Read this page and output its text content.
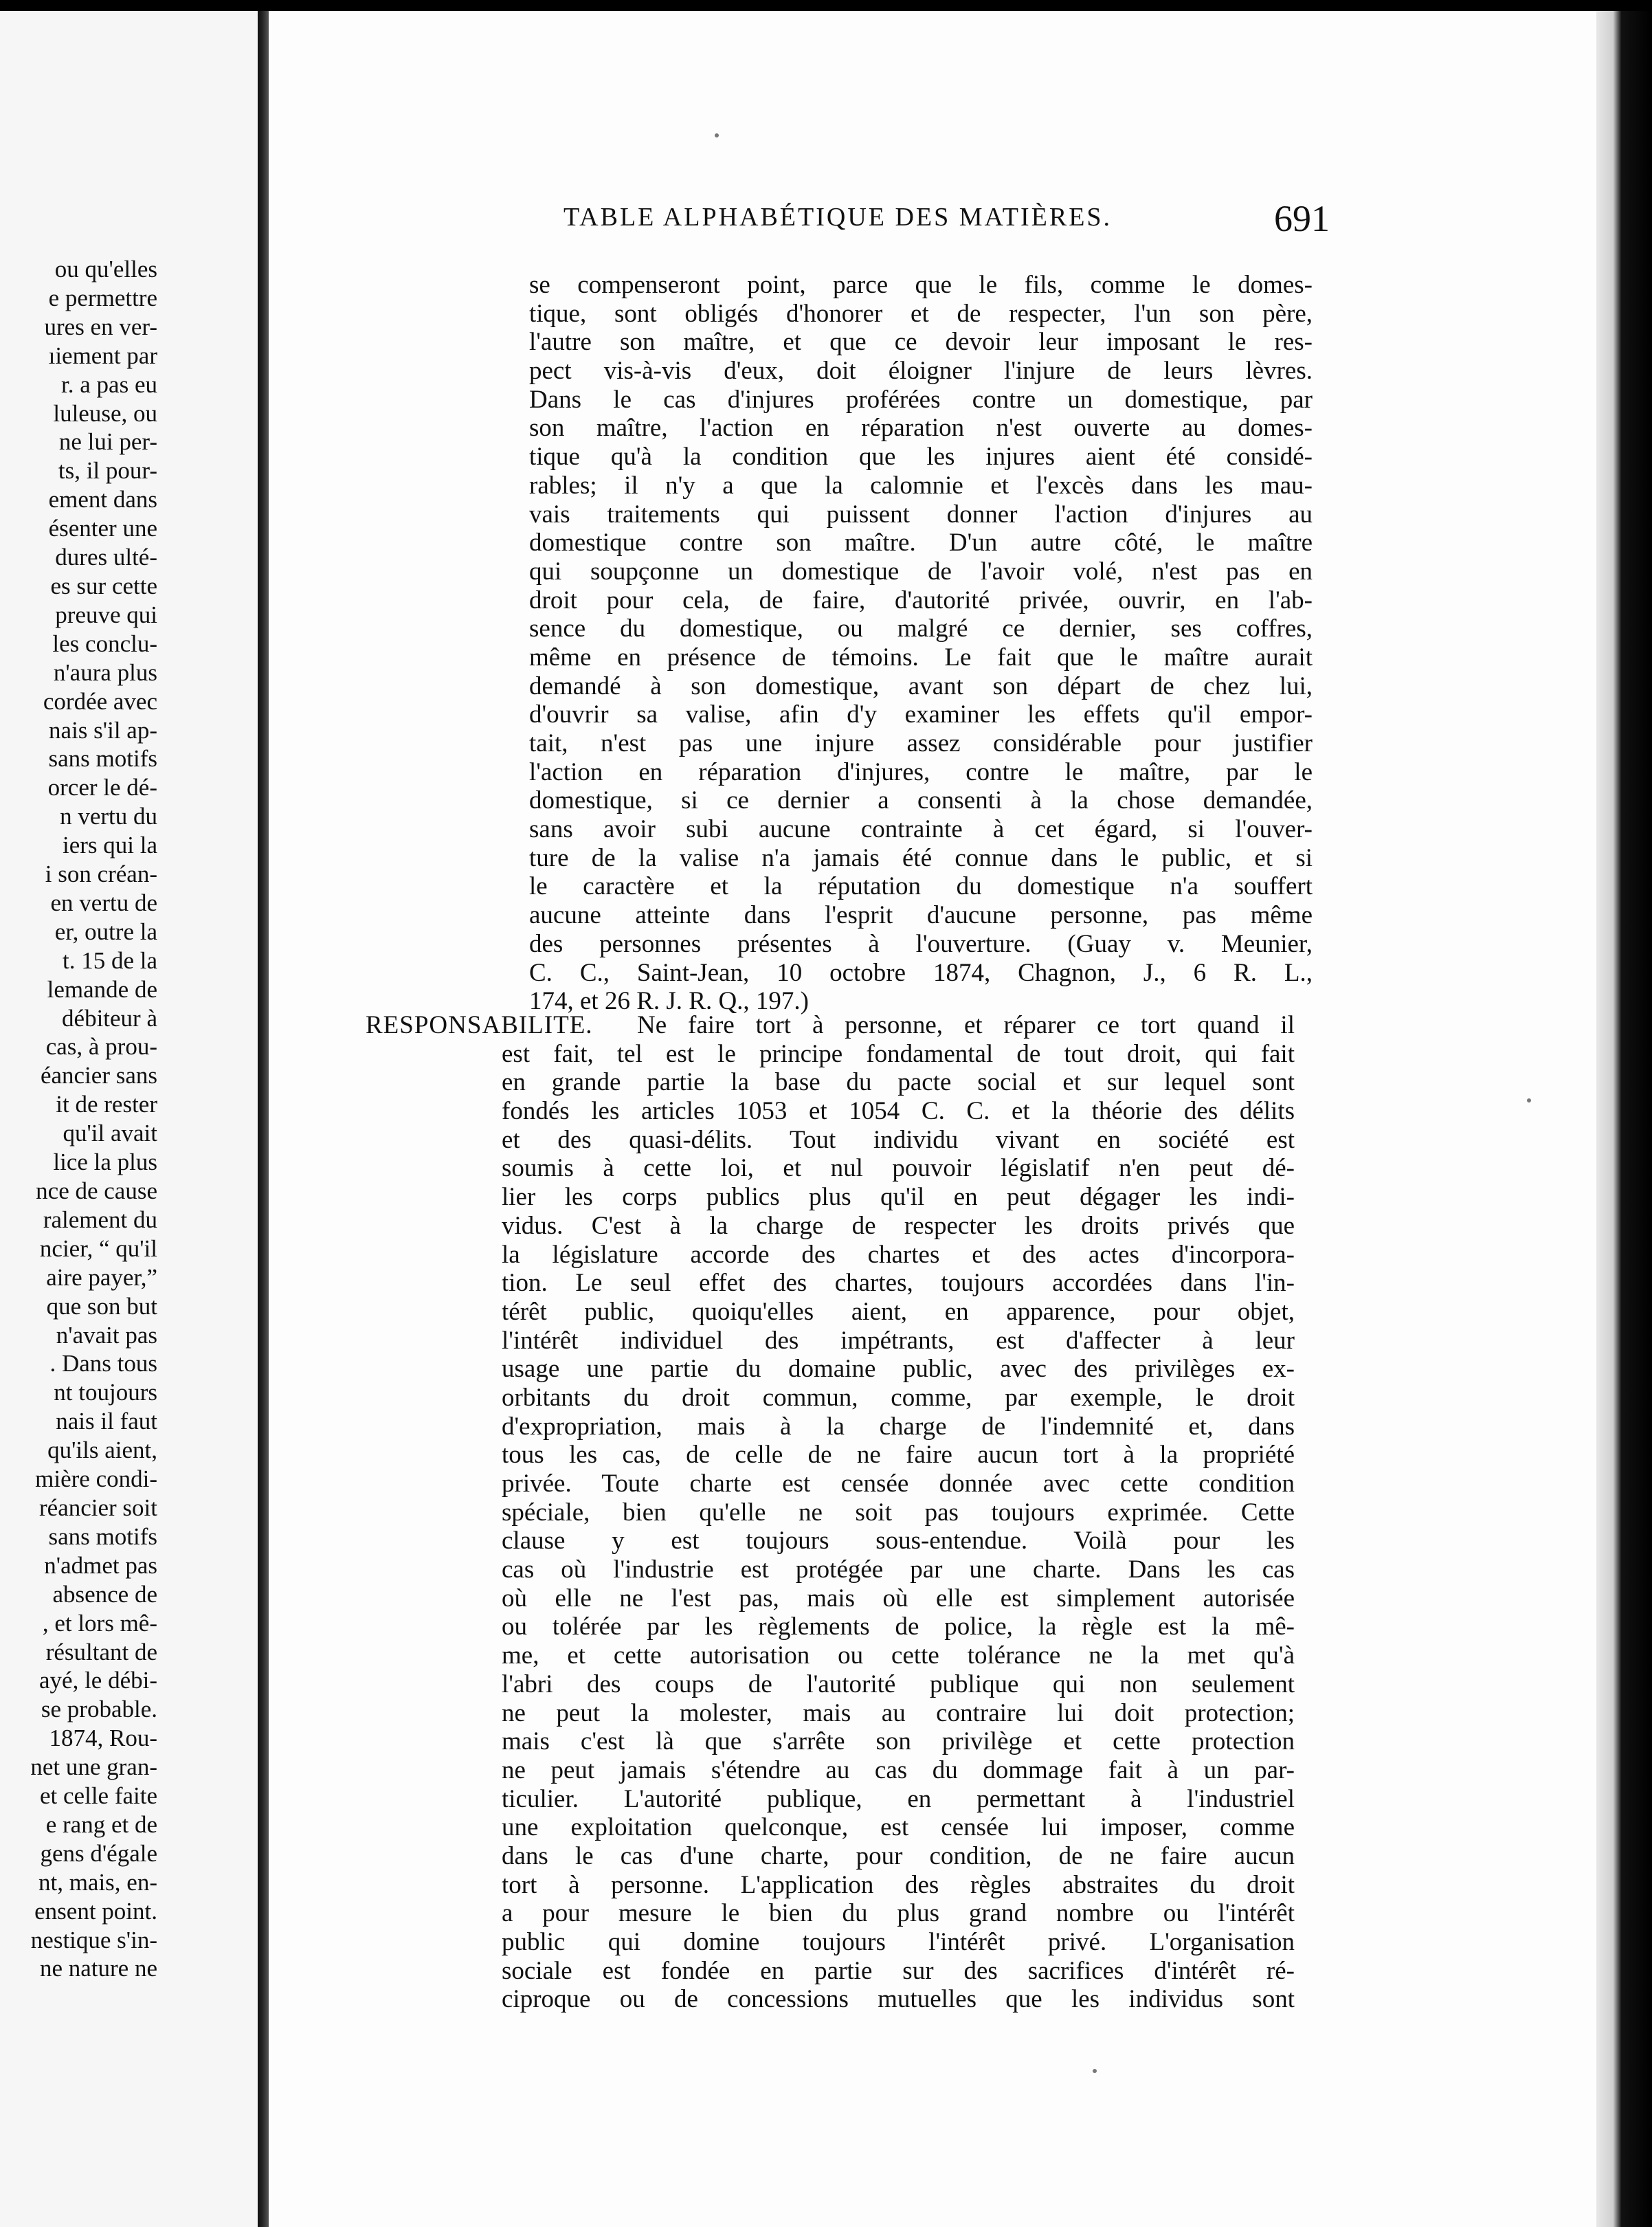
ou qu'elles
e permettre
ures en ver-
ıiement par
r. a pas eu
luleuse, ou
ne lui per-
ts, il pour-
ement dans
ésenter une
dures ulté-
es sur cette
preuve qui
les conclu-
n'aura plus
cordée avec
nais s'il ap-
sans motifs
orcer le dé-
n vertu du
iers qui la
i son créan-
en vertu de
er, outre la
t. 15 de la
lemande de
débiteur à
cas, à prou-
éancier sans
it de rester
qu'il avait
lice la plus
nce de cause
ralement du
ncier, “ qu'il
aire payer,”
que son but
n'avait pas
. Dans tous
nt toujours
nais il faut
qu'ils aient,
mière condi-
réancier soit
sans motifs
n'admet pas
absence de
, et lors mê-
résultant de
ayé, le débi-
se probable.
1874, Rou-
net une gran-
et celle faite
e rang et de
gens d'égale
nt, mais, en-
ensent point.
nestique s'in-
ne nature ne
TABLE ALPHABÉTIQUE DES MATIÈRES.	691
se compenseront point, parce que le fils, comme le domes-
tique, sont obligés d'honorer et de respecter, l'un son père,
l'autre son maître, et que ce devoir leur imposant le res-
pect vis-à-vis d'eux, doit éloigner l'injure de leurs lèvres.
Dans le cas d'injures proférées contre un domestique, par
son maître, l'action en réparation n'est ouverte au domes-
tique qu'à la condition que les injures aient été considé-
rables; il n'y a que la calomnie et l'excès dans les mau-
vais traitements qui puissent donner l'action d'injures au
domestique contre son maître. D'un autre côté, le maître
qui soupçonne un domestique de l'avoir volé, n'est pas en
droit pour cela, de faire, d'autorité privée, ouvrir, en l'ab-
sence du domestique, ou malgré ce dernier, ses coffres,
même en présence de témoins. Le fait que le maître aurait
demandé à son domestique, avant son départ de chez lui,
d'ouvrir sa valise, afin d'y examiner les effets qu'il empor-
tait, n'est pas une injure assez considérable pour justifier
l'action en réparation d'injures, contre le maître, par le
domestique, si ce dernier a consenti à la chose demandée,
sans avoir subi aucune contrainte à cet égard, si l'ouver-
ture de la valise n'a jamais été connue dans le public, et si
le caractère et la réputation du domestique n'a souffert
aucune atteinte dans l'esprit d'aucune personne, pas même
des personnes présentes à l'ouverture. (Guay v. Meunier,
C. C., Saint-Jean, 10 octobre 1874, Chagnon, J., 6 R. L.,
174, et 26 R. J. R. Q., 197.)
RESPONSABILITE.	Ne faire tort à personne, et réparer ce tort quand il
est fait, tel est le principe fondamental de tout droit, qui fait
en grande partie la base du pacte social et sur lequel sont
fondés les articles 1053 et 1054 C. C. et la théorie des délits
et des quasi-délits. Tout individu vivant en société est
soumis à cette loi, et nul pouvoir législatif n'en peut dé-
lier les corps publics plus qu'il en peut dégager les indi-
vidus. C'est à la charge de respecter les droits privés que
la législature accorde des chartes et des actes d'incorpora-
tion. Le seul effet des chartes, toujours accordées dans l'in-
térêt public, quoiqu'elles aient, en apparence, pour objet,
l'intérêt individuel des impétrants, est d'affecter à leur
usage une partie du domaine public, avec des privilèges ex-
orbitants du droit commun, comme, par exemple, le droit
d'expropriation, mais à la charge de l'indemnité et, dans
tous les cas, de celle de ne faire aucun tort à la propriété
privée. Toute charte est censée donnée avec cette condition
spéciale, bien qu'elle ne soit pas toujours exprimée. Cette
clause y est toujours sous-entendue. Voilà pour les
cas où l'industrie est protégée par une charte. Dans les cas
où elle ne l'est pas, mais où elle est simplement autorisée
ou tolérée par les règlements de police, la règle est la mê-
me, et cette autorisation ou cette tolérance ne la met qu'à
l'abri des coups de l'autorité publique qui non seulement
ne peut la molester, mais au contraire lui doit protection;
mais c'est là que s'arrête son privilège et cette protection
ne peut jamais s'étendre au cas du dommage fait à un par-
ticulier. L'autorité publique, en permettant à l'industriel
une exploitation quelconque, est censée lui imposer, comme
dans le cas d'une charte, pour condition, de ne faire aucun
tort à personne. L'application des règles abstraites du droit
a pour mesure le bien du plus grand nombre ou l'intérêt
public qui domine toujours l'intérêt privé. L'organisation
sociale est fondée en partie sur des sacrifices d'intérêt ré-
ciproque ou de concessions mutuelles que les individus sont
